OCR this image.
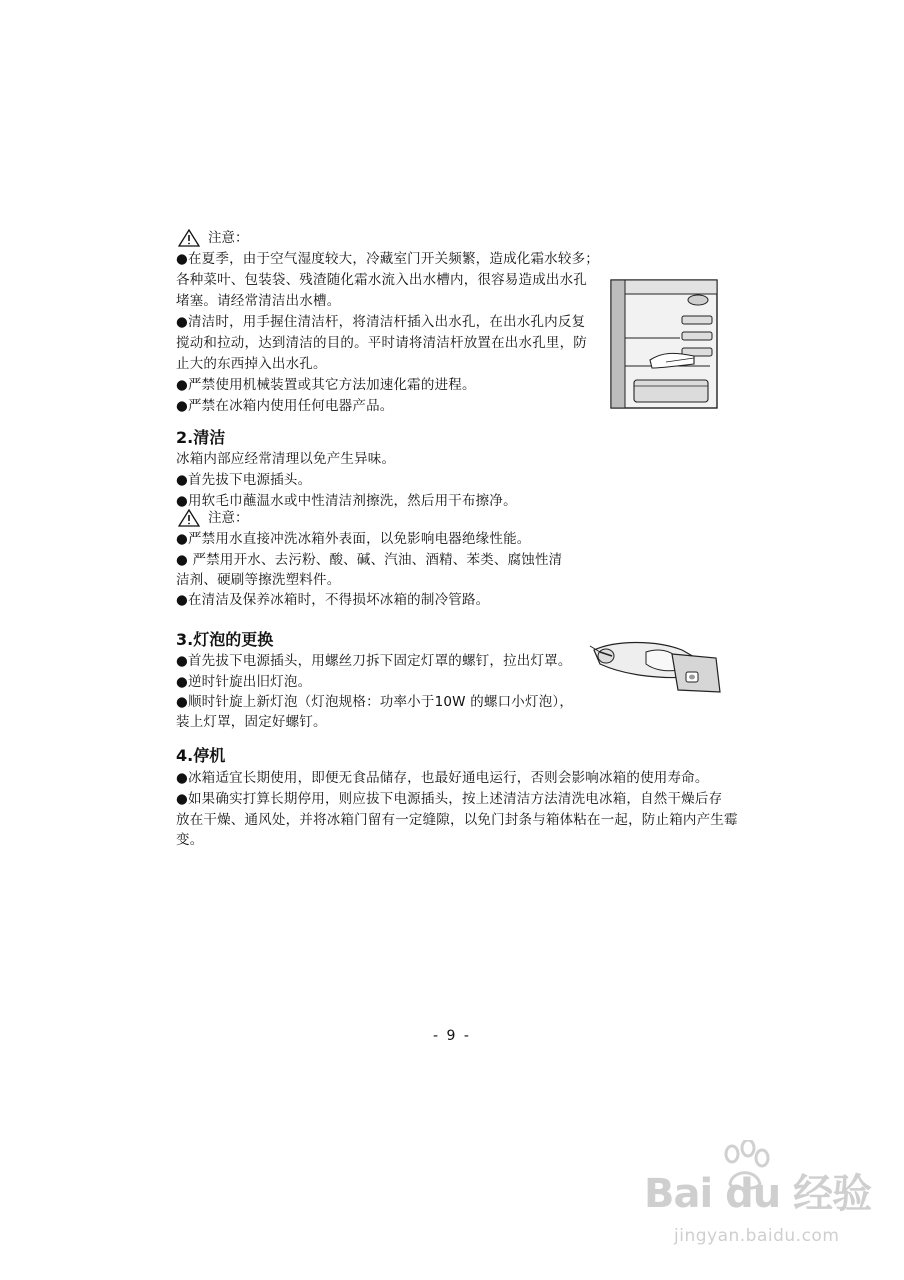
注意：
●在夏季，由于空气湿度较大，冷藏室门开关频繁，造成化霜水较多；
各种菜叶、包装袋、残渣随化霜水流入出水槽内，很容易造成出水孔
堵塞。请经常清洁出水槽。
●清洁时，用手握住清洁杆，将清洁杆插入出水孔，在出水孔内反复
搅动和拉动，达到清洁的目的。平时请将清洁杆放置在出水孔里，防
止大的东西掉入出水孔。
●严禁使用机械装置或其它方法加速化霜的进程。
●严禁在冰箱内使用任何电器产品。
2.清洁
冰箱内部应经常清理以免产生异味。
●首先拔下电源插头。
●用软毛巾蘸温水或中性清洁剂擦洗，然后用干布擦净。
注意：
●严禁用水直接冲洗冰箱外表面，以免影响电器绝缘性能。
● 严禁用开水、去污粉、酸、碱、汽油、酒精、苯类、腐蚀性清
洁剂、硬刷等擦洗塑料件。
●在清洁及保养冰箱时，不得损坏冰箱的制冷管路。
3.灯泡的更换
●首先拔下电源插头，用螺丝刀拆下固定灯罩的螺钉，拉出灯罩。
●逆时针旋出旧灯泡。
●顺时针旋上新灯泡（灯泡规格：功率小于10W 的螺口小灯泡），
装上灯罩，固定好螺钉。
4.停机
●冰箱适宜长期使用，即便无食品储存，也最好通电运行，否则会影响冰箱的使用寿命。
●如果确实打算长期停用，则应拔下电源插头，按上述清洁方法清洗电冰箱，自然干燥后存
放在干燥、通风处，并将冰箱门留有一定缝隙，以免门封条与箱体粘在一起，防止箱内产生霉
变。
- 9 -
Bai du 经验
jingyan.baidu.com
